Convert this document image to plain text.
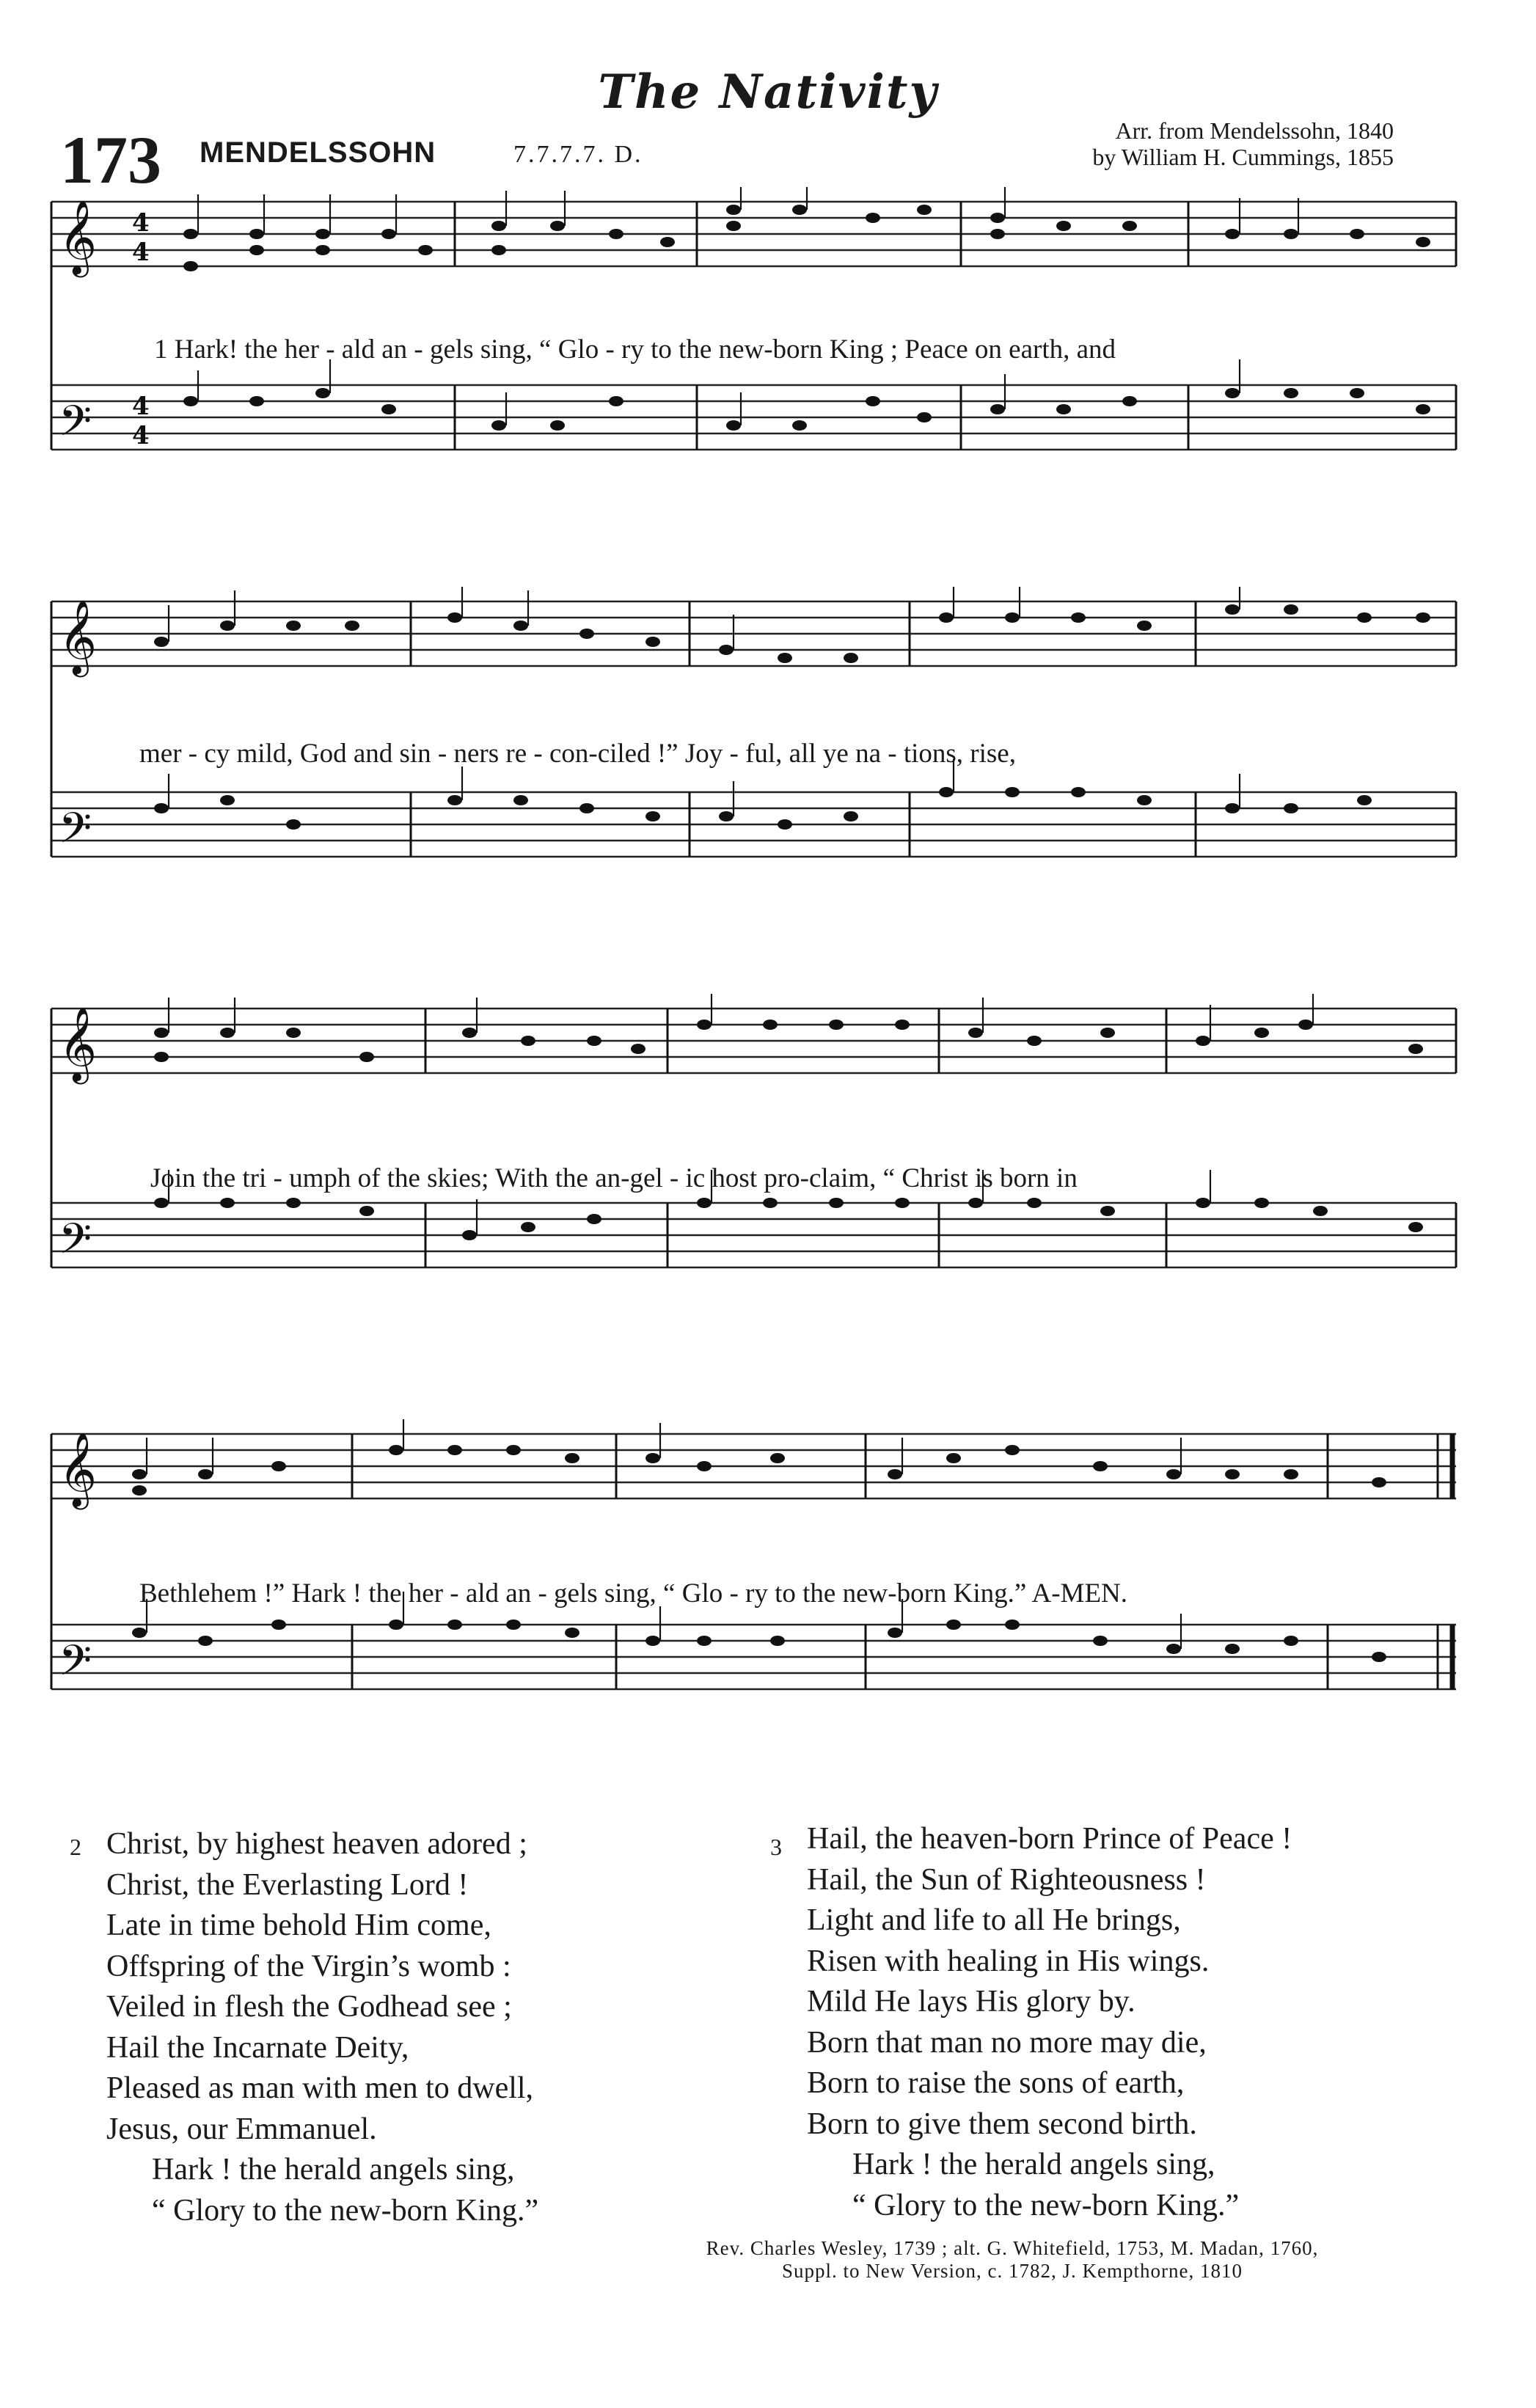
The Nativity
173 MENDELSSOHN	7.7.7.7. D.
Arr. from Mendelssohn, 1840
by William H. Cummings, 1855
𝄞
𝄢
4
4
4
4
1 Hark! the her - ald an - gels sing, “ Glo - ry to the new-born King ; Peace on earth, and
𝄞
𝄢
mer - cy mild, God and sin - ners re - con-ciled !” Joy - ful, all ye na - tions, rise,
𝄞
𝄢
Join the tri - umph of the skies; With the an-gel - ic host pro-claim, “ Christ is born in
𝄞
𝄢
Bethlehem !” Hark ! the her - ald an - gels sing, “ Glo - ry to the new-born King.” A-MEN.
2 Christ, by highest heaven adored ;
Christ, the Everlasting Lord !
Late in time behold Him come,
Offspring of the Virgin’s womb :
Veiled in flesh the Godhead see ;
Hail the Incarnate Deity,
Pleased as man with men to dwell,
Jesus, our Emmanuel.
Hark ! the herald angels sing,
“ Glory to the new-born King.”
3 Hail, the heaven-born Prince of Peace !
Hail, the Sun of Righteousness !
Light and life to all He brings,
Risen with healing in His wings.
Mild He lays His glory by.
Born that man no more may die,
Born to raise the sons of earth,
Born to give them second birth.
Hark ! the herald angels sing,
“ Glory to the new-born King.”
Rev. Charles Wesley, 1739 ; alt. G. Whitefield, 1753, M. Madan, 1760,
Suppl. to New Version, c. 1782, J. Kempthorne, 1810
